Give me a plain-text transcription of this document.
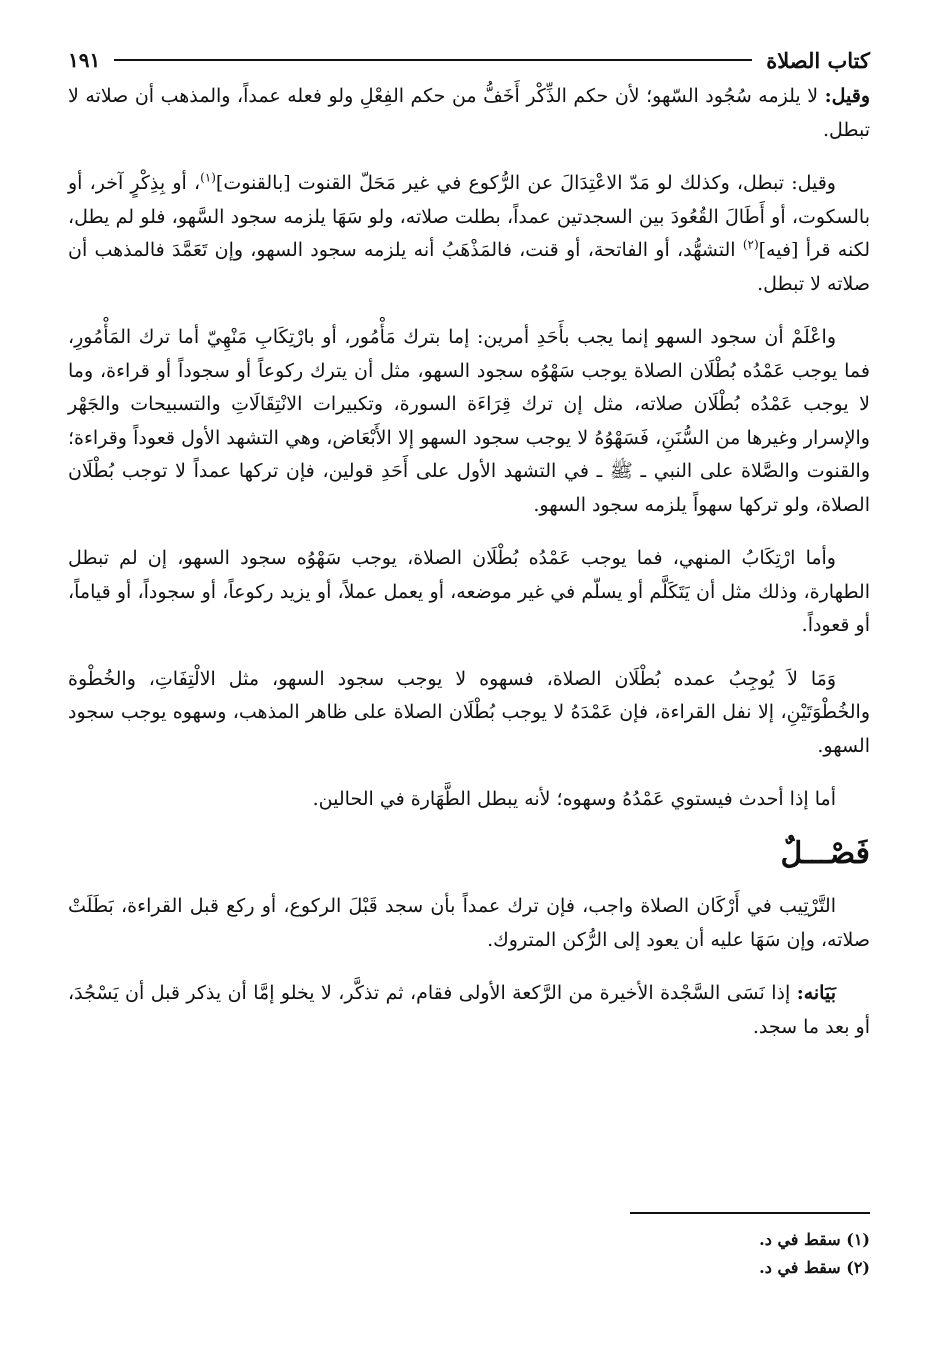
كتاب الصلاة
١٩١

وقيل: لا يلزمه سُجُود السّهو؛ لأن حكم الذِّكْر أَخَفُّ من حكم الفِعْلِ ولو فعله عمداً، والمذهب أن صلاته لا تبطل.

وقيل: تبطل، وكذلك لو مَدّ الاعْتِدَالَ عن الرُّكوع في غير مَحَلّ القنوت [بالقنوت]$^{(١)}$، أو بِذِكْرٍ آخر، أو بالسكوت، أو أَطَالَ القُعُودَ بين السجدتين عمداً، بطلت صلاته، ولو سَهَا يلزمه سجود السَّهو، فلو لم يطل، لكنه قرأ [فيه]$^{(٢)}$ التشهُّد، أو الفاتحة، أو قنت، فالمَذْهَبُ أنه يلزمه سجود السهو، وإن تَعَمَّدَ فالمذهب أن صلاته لا تبطل.

واعْلَمْ أن سجود السهو إنما يجب بأَحَدِ أمرين: إما بترك مَأْمُور، أو بارْتِكَابِ مَنْهِيّ أما ترك المَأْمُورِ، فما يوجب عَمْدُه بُطْلَان الصلاة يوجب سَهْوُه سجود السهو، مثل أن يترك ركوعاً أو سجوداً أو قراءة، وما لا يوجب عَمْدُه بُطْلَان صلاته، مثل إن ترك قِرَاءَة السورة، وتكبيرات الانْتِقَالَاتِ والتسبيحات والجَهْر والإسرار وغيرها من السُّنَنِ، فَسَهْوُهُ لا يوجب سجود السهو إلا الأَبْعَاض، وهي التشهد الأول قعوداً وقراءة؛ والقنوت والصَّلاة على النبي ـ ﷺ ـ في التشهد الأول على أَحَدِ قولين، فإن تركها عمداً لا توجب بُطْلَان الصلاة، ولو تركها سهواً يلزمه سجود السهو.

وأما ارْتِكَابُ المنهي، فما يوجب عَمْدُه بُطْلَان الصلاة، يوجب سَهْوُه سجود السهو، إن لم تبطل الطهارة، وذلك مثل أن يَتَكَلَّم أو يسلّم في غير موضعه، أو يعمل عملاً، أو يزيد ركوعاً، أو سجوداً، أو قياماً، أو قعوداً.

وَمَا لاَ يُوجِبُ عمده بُطْلَان الصلاة، فسهوه لا يوجب سجود السهو، مثل الالْتِفَاتِ، والخُطْوة والخُطْوَتَيْنِ، إلا نفل القراءة، فإن عَمْدَهُ لا يوجب بُطْلَان الصلاة على ظاهر المذهب، وسهوه يوجب سجود السهو.

أما إذا أحدث فيستوي عَمْدُهُ وسهوه؛ لأنه يبطل الطَّهَارة في الحالين.

فَصْـــلٌ

التَّرْتِيب في أَرْكَان الصلاة واجب، فإن ترك عمداً بأن سجد قَبْلَ الركوع، أو ركع قبل القراءة، بَطَلَتْ صلاته، وإن سَهَا عليه أن يعود إلى الرُّكن المتروك.

بَيَانه: إذا نَسَى السَّجْدة الأخيرة من الرَّكعة الأولى فقام، ثم تذكَّر، لا يخلو إمَّا أن يذكر قبل أن يَسْجُدَ، أو بعد ما سجد.

(١) سقط في د.
(٢) سقط في د.
